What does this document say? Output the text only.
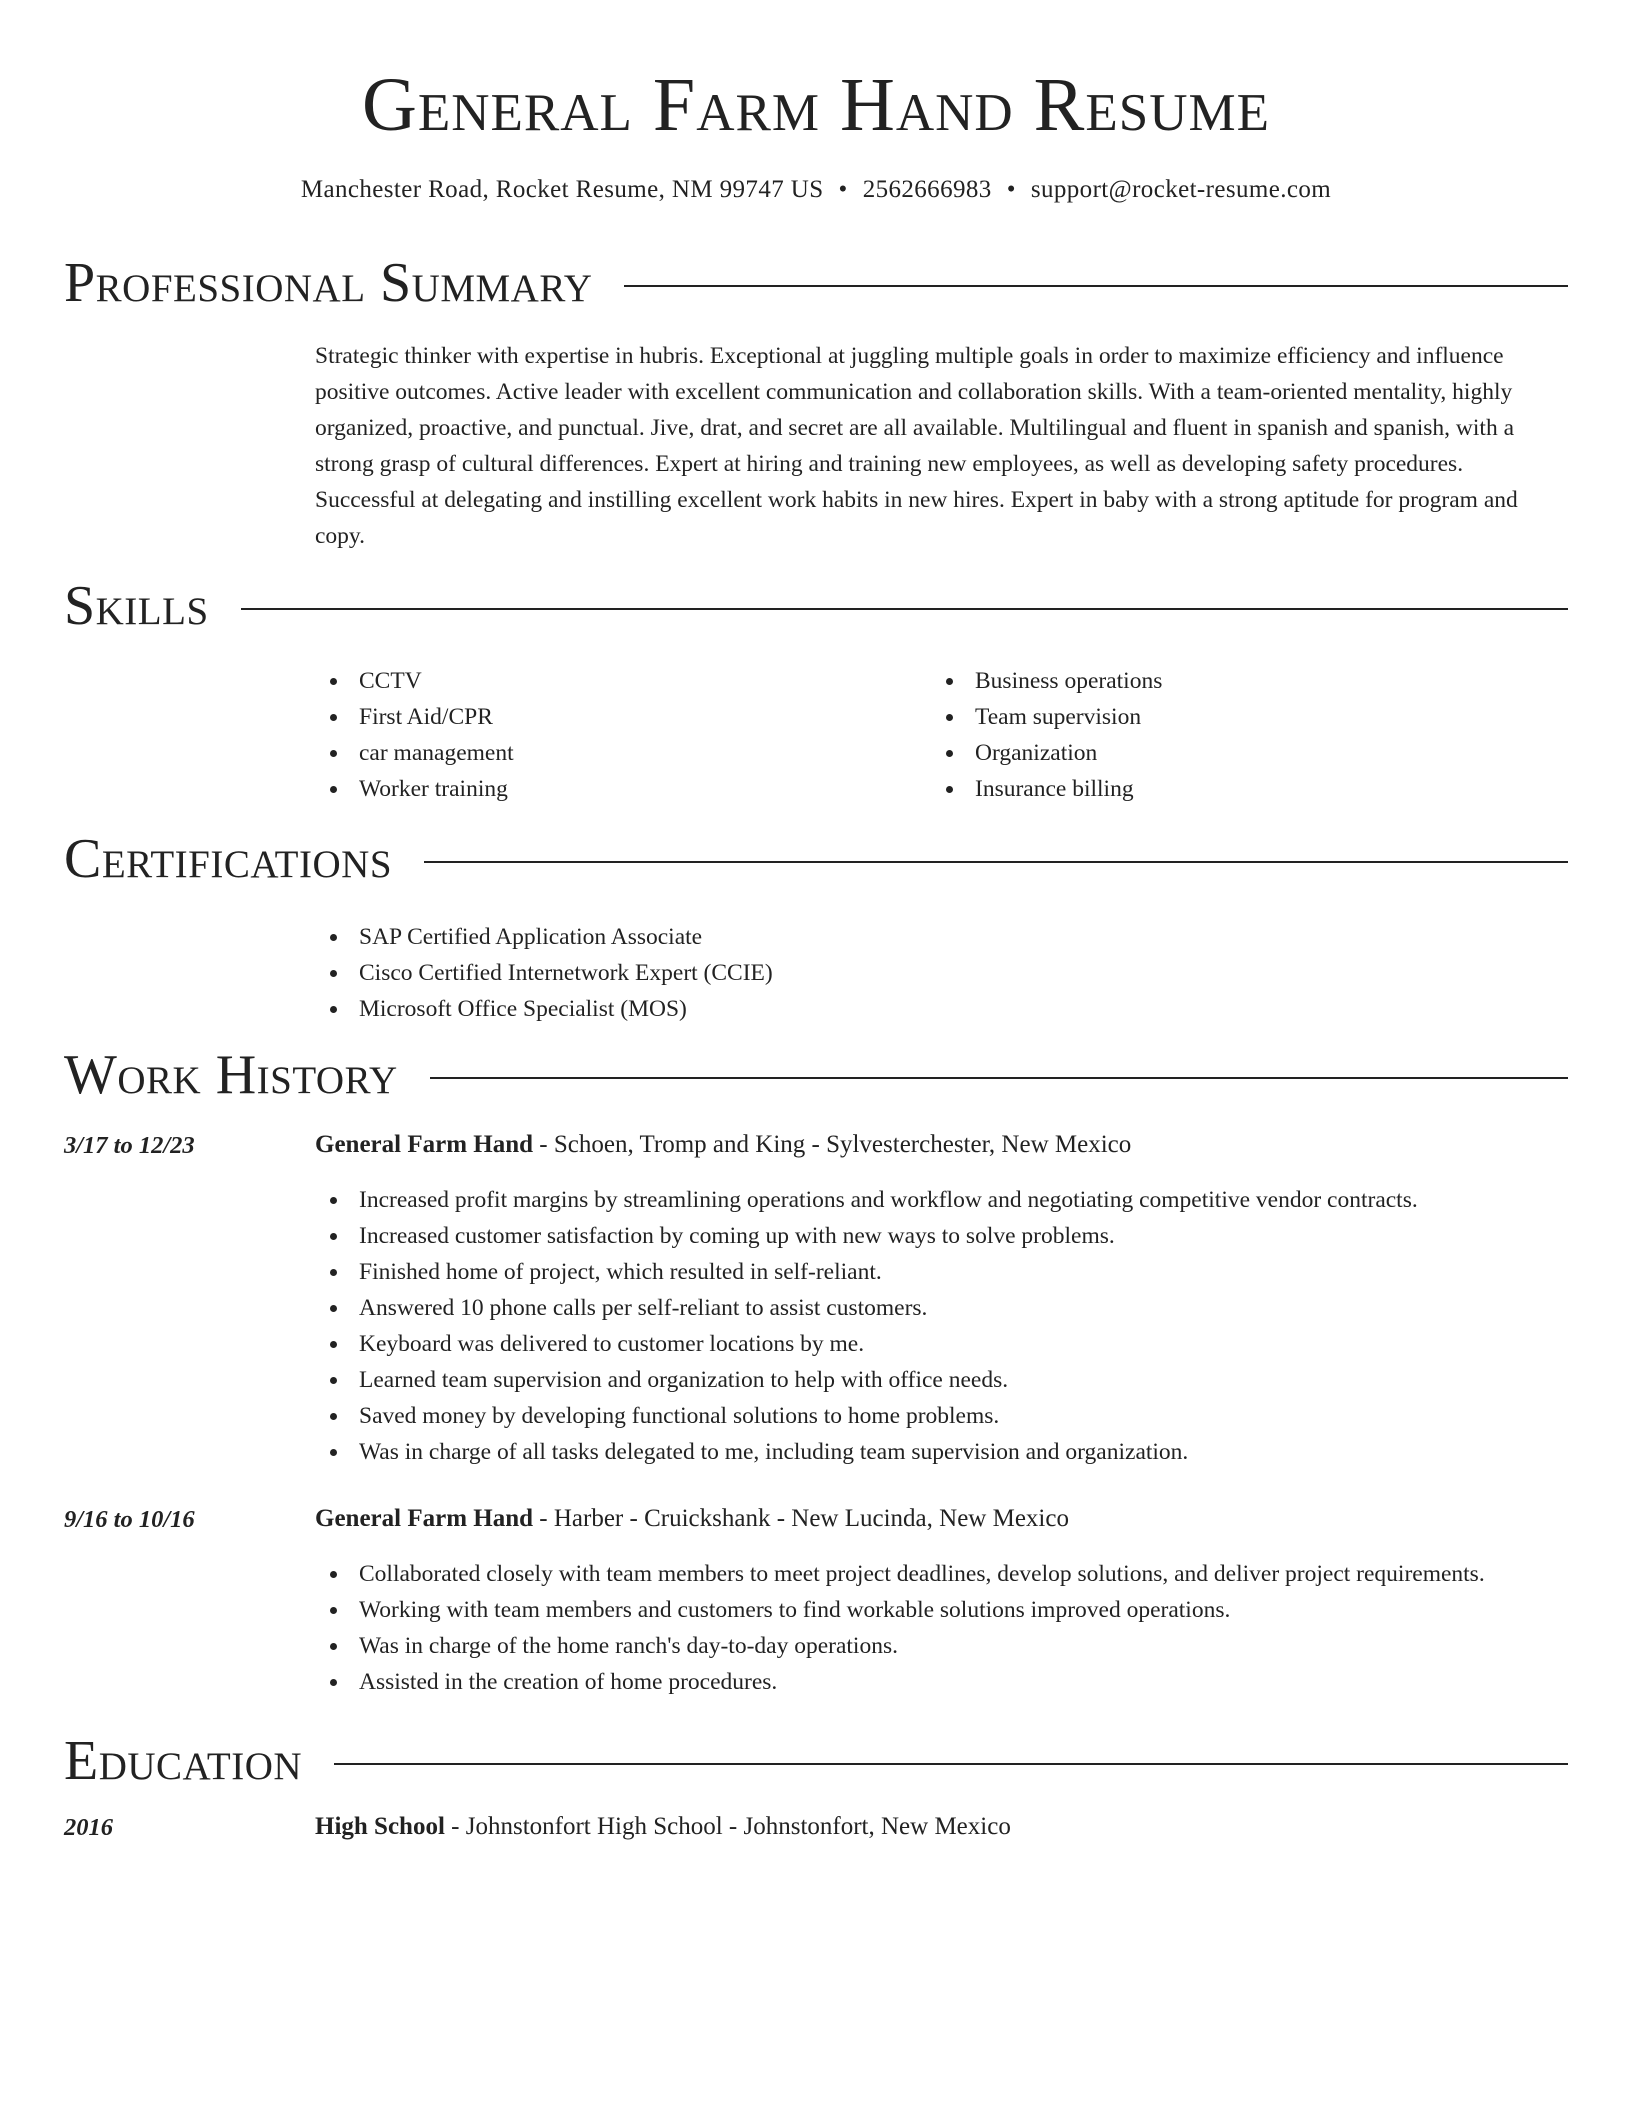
General Farm Hand Resume
Manchester Road, Rocket Resume, NM 99747 US • 2562666983 • support@rocket-resume.com
Professional Summary

Strategic thinker with expertise in hubris. Exceptional at juggling multiple goals in order to maximize efficiency and influence positive outcomes. Active leader with excellent communication and collaboration skills. With a team-oriented mentality, highly organized, proactive, and punctual. Jive, drat, and secret are all available. Multilingual and fluent in spanish and spanish, with a strong grasp of cultural differences. Expert at hiring and training new employees, as well as developing safety procedures. Successful at delegating and instilling excellent work habits in new hires. Expert in baby with a strong aptitude for program and copy.

Skills
CCTV
First Aid/CPR
car management
Worker training
Business operations
Team supervision
Organization
Insurance billing
Certifications
SAP Certified Application Associate
Cisco Certified Internetwork Expert (CCIE)
Microsoft Office Specialist (MOS)
Work History
3/17 to 12/23	General Farm Hand - Schoen, Tromp and King - Sylvesterchester, New Mexico
Increased profit margins by streamlining operations and workflow and negotiating competitive vendor contracts.
Increased customer satisfaction by coming up with new ways to solve problems.
Finished home of project, which resulted in self-reliant.
Answered 10 phone calls per self-reliant to assist customers.
Keyboard was delivered to customer locations by me.
Learned team supervision and organization to help with office needs.
Saved money by developing functional solutions to home problems.
Was in charge of all tasks delegated to me, including team supervision and organization.
9/16 to 10/16	General Farm Hand - Harber - Cruickshank - New Lucinda, New Mexico
Collaborated closely with team members to meet project deadlines, develop solutions, and deliver project requirements.
Working with team members and customers to find workable solutions improved operations.
Was in charge of the home ranch's day-to-day operations.
Assisted in the creation of home procedures.
Education
2016	High School - Johnstonfort High School - Johnstonfort, New Mexico
